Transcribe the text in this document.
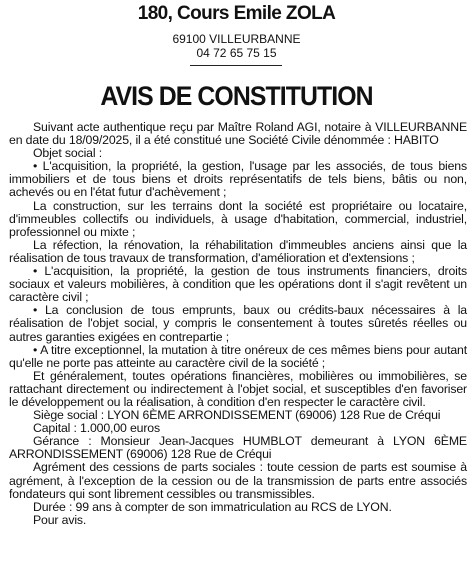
180, Cours Emile ZOLA
69100 VILLEURBANNE
04 72 65 75 15
AVIS DE CONSTITUTION

Suivant acte authentique reçu par Maître Roland AGI, notaire à VILLEURBANNE en date du 18/09/2025, il a été constitué une Société Civile dénommée : HABITO

Objet social :

• L'acquisition, la propriété, la gestion, l'usage par les associés, de tous biens immobiliers et de tous biens et droits représentatifs de tels biens, bâtis ou non, achevés ou en l'état futur d'achèvement ;

La construction, sur les terrains dont la société est propriétaire ou locataire, d'immeubles collectifs ou individuels, à usage d'habitation, commercial, industriel, professionnel ou mixte ;

La réfection, la rénovation, la réhabilitation d'immeubles anciens ainsi que la réalisation de tous travaux de transformation, d'amélioration et d'extensions ;

• L'acquisition, la propriété, la gestion de tous instruments financiers, droits sociaux et valeurs mobilières, à condition que les opérations dont il s'agit revêtent un caractère civil ;

• La conclusion de tous emprunts, baux ou crédits-baux nécessaires à la réalisation de l'objet social, y compris le consentement à toutes sûretés réelles ou autres garanties exigées en contrepartie ;

• A titre exceptionnel, la mutation à titre onéreux de ces mêmes biens pour autant qu'elle ne porte pas atteinte au caractère civil de la société ;

Et généralement, toutes opérations financières, mobilières ou immobilières, se rattachant directement ou indirectement à l'objet social, et susceptibles d'en favoriser le développement ou la réalisation, à condition d'en respecter le caractère civil.

Siège social : LYON 6ÈME ARRONDISSEMENT (69006) 128 Rue de Créqui

Capital : 1.000,00 euros

Gérance : Monsieur Jean-Jacques HUMBLOT demeurant à LYON 6ÈME ARRONDISSEMENT (69006) 128 Rue de Créqui

Agrément des cessions de parts sociales : toute cession de parts est soumise à agrément, à l'exception de la cession ou de la transmission de parts entre associés fondateurs qui sont librement cessibles ou transmissibles.

Durée : 99 ans à compter de son immatriculation au RCS de LYON.

Pour avis.
